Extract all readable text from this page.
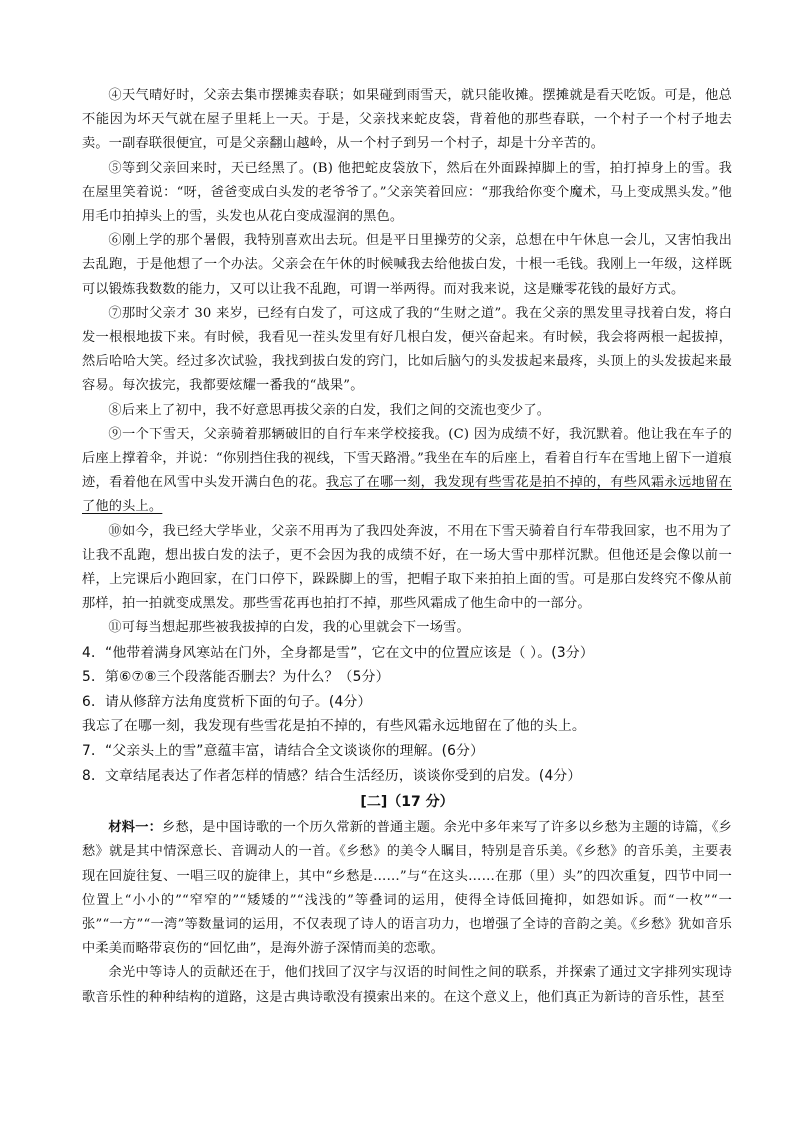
④天气晴好时，父亲去集市摆摊卖春联；如果碰到雨雪天，就只能收摊。摆摊就是看天吃饭。可是，他总不能因为坏天气就在屋子里耗上一天。于是，父亲找来蛇皮袋，背着他的那些春联，一个村子一个村子地去卖。一副春联很便宜，可是父亲翻山越岭，从一个村子到另一个村子，却是十分辛苦的。

⑤等到父亲回来时，天已经黑了。(B) 他把蛇皮袋放下，然后在外面跺掉脚上的雪，拍打掉身上的雪。我在屋里笑着说：“呀，爸爸变成白头发的老爷爷了。”父亲笑着回应：“那我给你变个魔术，马上变成黑头发。”他用毛巾拍掉头上的雪，头发也从花白变成湿润的黑色。

⑥刚上学的那个暑假，我特别喜欢出去玩。但是平日里操劳的父亲，总想在中午休息一会儿，又害怕我出去乱跑，于是他想了一个办法。父亲会在午休的时候喊我去给他拔白发，十根一毛钱。我刚上一年级，这样既可以锻炼我数数的能力，又可以让我不乱跑，可谓一举两得。而对我来说，这是赚零花钱的最好方式。

⑦那时父亲才 30 来岁，已经有白发了，可这成了我的“生财之道”。我在父亲的黑发里寻找着白发，将白发一根根地拔下来。有时候，我看见一茬头发里有好几根白发，便兴奋起来。有时候，我会将两根一起拔掉，然后哈哈大笑。经过多次试验，我找到拔白发的窍门，比如后脑勺的头发拔起来最疼，头顶上的头发拔起来最容易。每次拔完，我都要炫耀一番我的“战果”。

⑧后来上了初中，我不好意思再拔父亲的白发，我们之间的交流也变少了。

⑨一个下雪天，父亲骑着那辆破旧的自行车来学校接我。(C) 因为成绩不好，我沉默着。他让我在车子的后座上撑着伞，并说：“你别挡住我的视线，下雪天路滑。”我坐在车的后座上，看着自行车在雪地上留下一道痕迹，看着他在风雪中头发开满白色的花。我忘了在哪一刻，我发现有些雪花是拍不掉的，有些风霜永远地留在了他的头上。

⑩如今，我已经大学毕业，父亲不用再为了我四处奔波，不用在下雪天骑着自行车带我回家，也不用为了让我不乱跑，想出拔白发的法子，更不会因为我的成绩不好，在一场大雪中那样沉默。但他还是会像以前一样，上完课后小跑回家，在门口停下，跺跺脚上的雪，把帽子取下来拍拍上面的雪。可是那白发终究不像从前那样，拍一拍就变成黑发。那些雪花再也拍打不掉，那些风霜成了他生命中的一部分。

⑪可每当想起那些被我拔掉的白发，我的心里就会下一场雪。

4．“他带着满身风寒站在门外，全身都是雪”，它在文中的位置应该是（ ）。(3分）

5．第⑥⑦⑧三个段落能否删去？为什么？（5分）

6．请从修辞方法角度赏析下面的句子。(4分）

我忘了在哪一刻，我发现有些雪花是拍不掉的，有些风霜永远地留在了他的头上。

7．“父亲头上的雪”意蕴丰富，请结合全文谈谈你的理解。(6分）

8．文章结尾表达了作者怎样的情感？结合生活经历，谈谈你受到的启发。(4分）

[二]（17 分）

材料一：乡愁，是中国诗歌的一个历久常新的普通主题。余光中多年来写了许多以乡愁为主题的诗篇，《乡愁》就是其中情深意长、音调动人的一首。《乡愁》的美令人瞩目，特别是音乐美。《乡愁》的音乐美，主要表现在回旋往复、一唱三叹的旋律上，其中“乡愁是……”与“在这头……在那（里）头”的四次重复，四节中同一位置上“小小的”“窄窄的”“矮矮的”“浅浅的”等叠词的运用，使得全诗低回掩抑，如怨如诉。而“一枚”“一张”“一方”“一湾”等数量词的运用，不仅表现了诗人的语言功力，也增强了全诗的音韵之美。《乡愁》犹如音乐中柔美而略带哀伤的“回忆曲”，是海外游子深情而美的恋歌。

余光中等诗人的贡献还在于，他们找回了汉字与汉语的时间性之间的联系，并探索了通过文字排列实现诗歌音乐性的种种结构的道路，这是古典诗歌没有摸索出来的。在这个意义上，他们真正为新诗的音乐性，甚至
